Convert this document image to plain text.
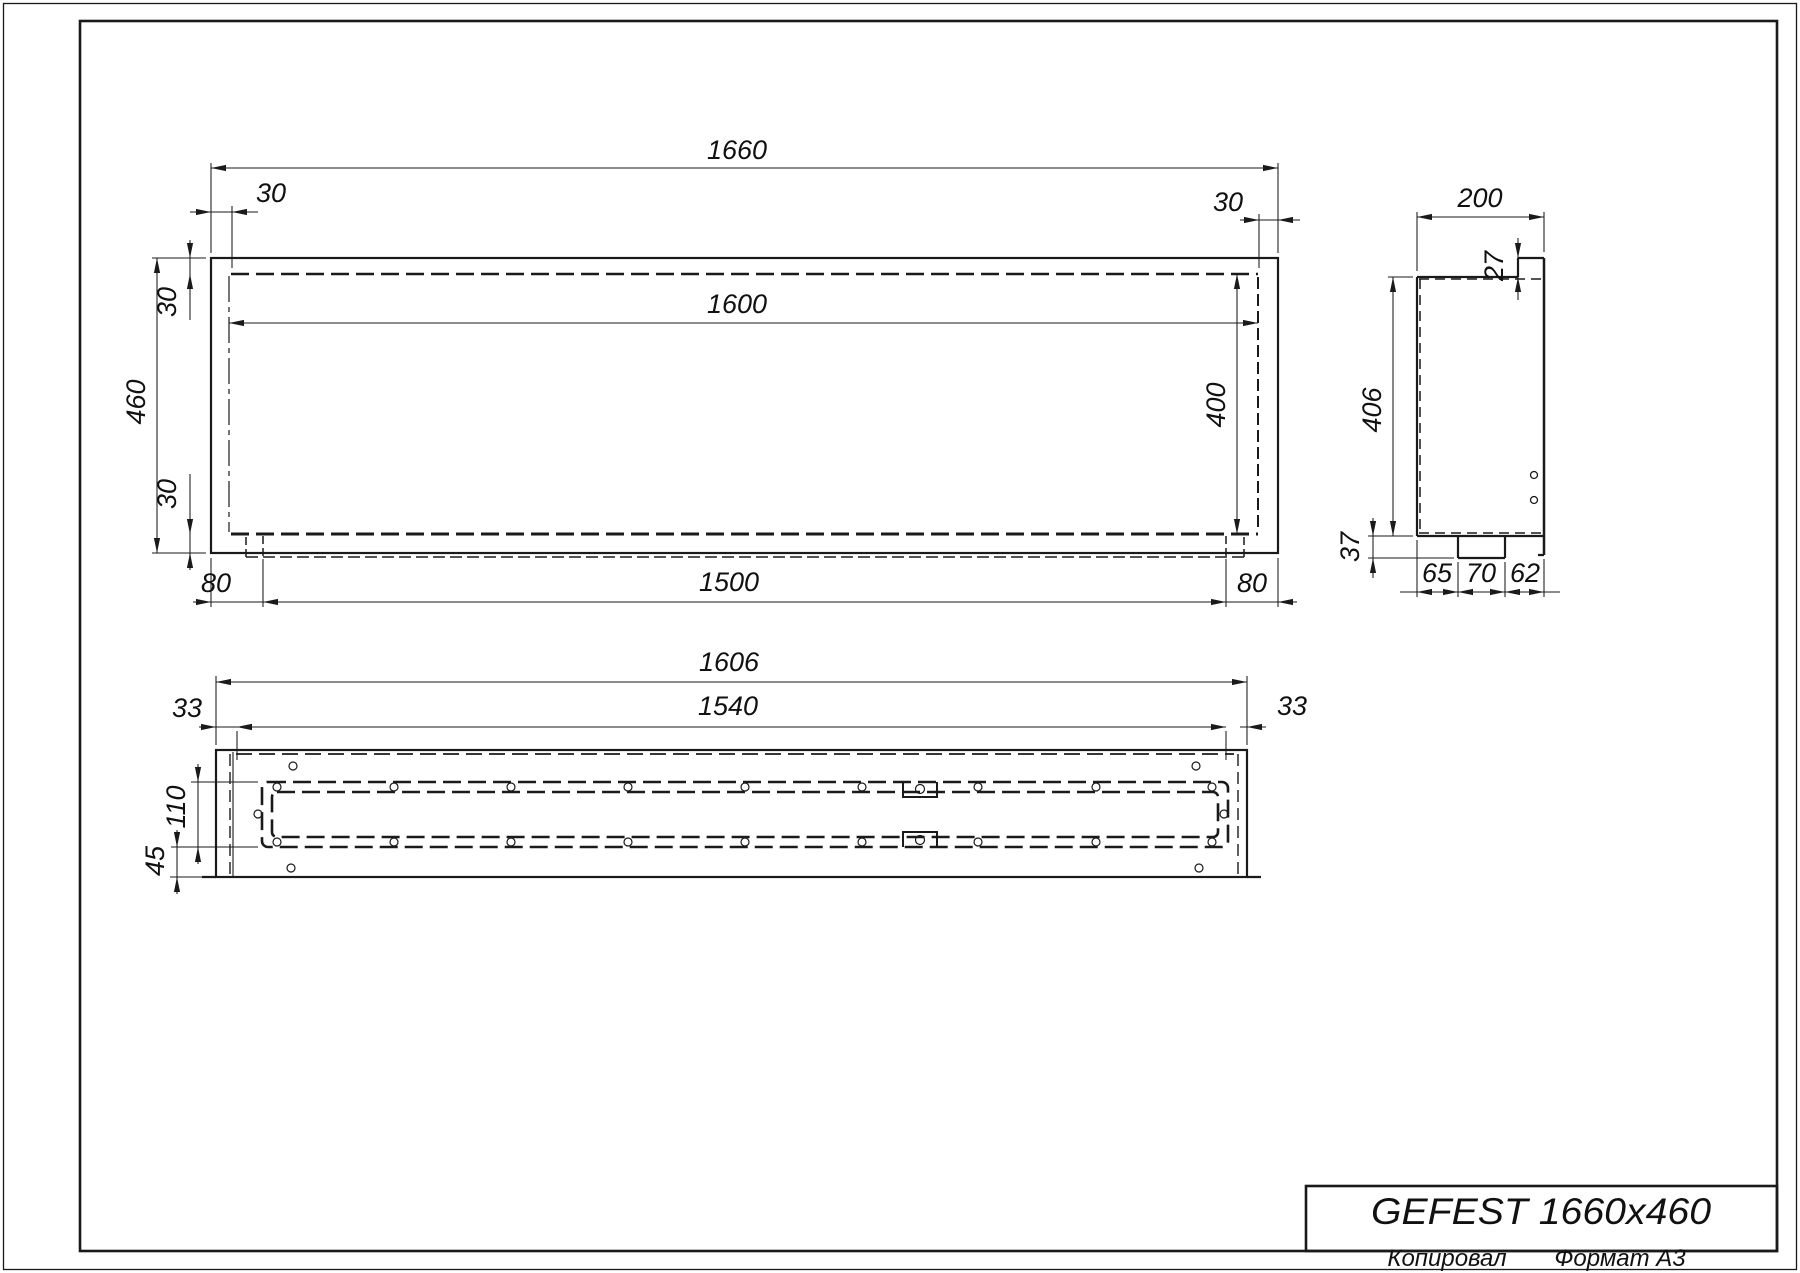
1660
30	30
1600
460
30
30
400
80	1500	80
200
27
406
37
65 70 62
1606
33	1540	33
110
45
GEFEST 1660x460
Копировал Формат А3
